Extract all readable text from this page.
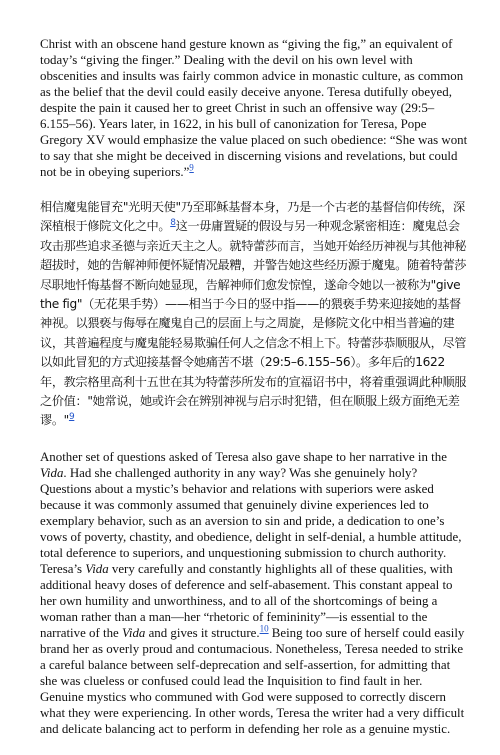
Christ with an obscene hand gesture known as “giving the fig,” an equivalent of today’s “giving the finger.” Dealing with the devil on his own level with obscenities and insults was fairly common advice in monastic culture, as common as the belief that the devil could easily deceive anyone. Teresa dutifully obeyed, despite the pain it caused her to greet Christ in such an offensive way (29:5–6.155–56). Years later, in 1622, in his bull of canonization for Teresa, Pope Gregory XV would emphasize the value placed on such obedience: “She was wont to say that she might be deceived in discerning visions and revelations, but could not be in obeying superiors.”$^9$

相信魔鬼能冒充"光明天使"乃至耶稣基督本身，乃是一个古老的基督信仰传统，深深植根于修院文化之中。$^8$这一毋庸置疑的假设与另一种观念紧密相连：魔鬼总会攻击那些追求圣德与亲近天主之人。就特蕾莎而言，当她开始经历神视与其他神秘超拔时，她的告解神师便怀疑情况最糟，并警告她这些经历源于魔鬼。随着特蕾莎尽职地忏悔基督不断向她显现，告解神师们愈发惊惶，遂命令她以一被称为"give the fig"（无花果手势）——相当于今日的竖中指——的猥亵手势来迎接她的基督神视。以猥亵与侮辱在魔鬼自己的层面上与之周旋，是修院文化中相当普遍的建议，其普遍程度与魔鬼能轻易欺骗任何人之信念不相上下。特蕾莎恭顺服从，尽管以如此冒犯的方式迎接基督令她痛苦不堪（29:5–6.155–56）。多年后的1622年，教宗格里高利十五世在其为特蕾莎所发布的宣福诏书中，将着重强调此种顺服之价值："她常说，她或许会在辨别神视与启示时犯错，但在顺服上级方面绝无差谬。"$^9$

Another set of questions asked of Teresa also gave shape to her narrative in the Vida. Had she challenged authority in any way? Was she genuinely holy? Questions about a mystic’s behavior and relations with superiors were asked because it was commonly assumed that genuinely divine experiences led to exemplary behavior, such as an aversion to sin and pride, a dedication to one’s vows of poverty, chastity, and obedience, delight in self-denial, a humble attitude, total deference to superiors, and unquestioning submission to church authority. Teresa’s Vida very carefully and constantly highlights all of these qualities, with additional heavy doses of deference and self-abasement. This constant appeal to her own humility and unworthiness, and to all of the shortcomings of being a woman rather than a man—her “rhetoric of femininity”—is essential to the narrative of the Vida and gives it structure.$^{10}$ Being too sure of herself could easily brand her as overly proud and contumacious. Nonetheless, Teresa needed to strike a careful balance between self-deprecation and self-assertion, for admitting that she was clueless or confused could lead the Inquisition to find fault in her. Genuine mystics who communed with God were supposed to correctly discern what they were experiencing. In other words, Teresa the writer had a very difficult and delicate balancing act to perform in defending her role as a genuine mystic.
